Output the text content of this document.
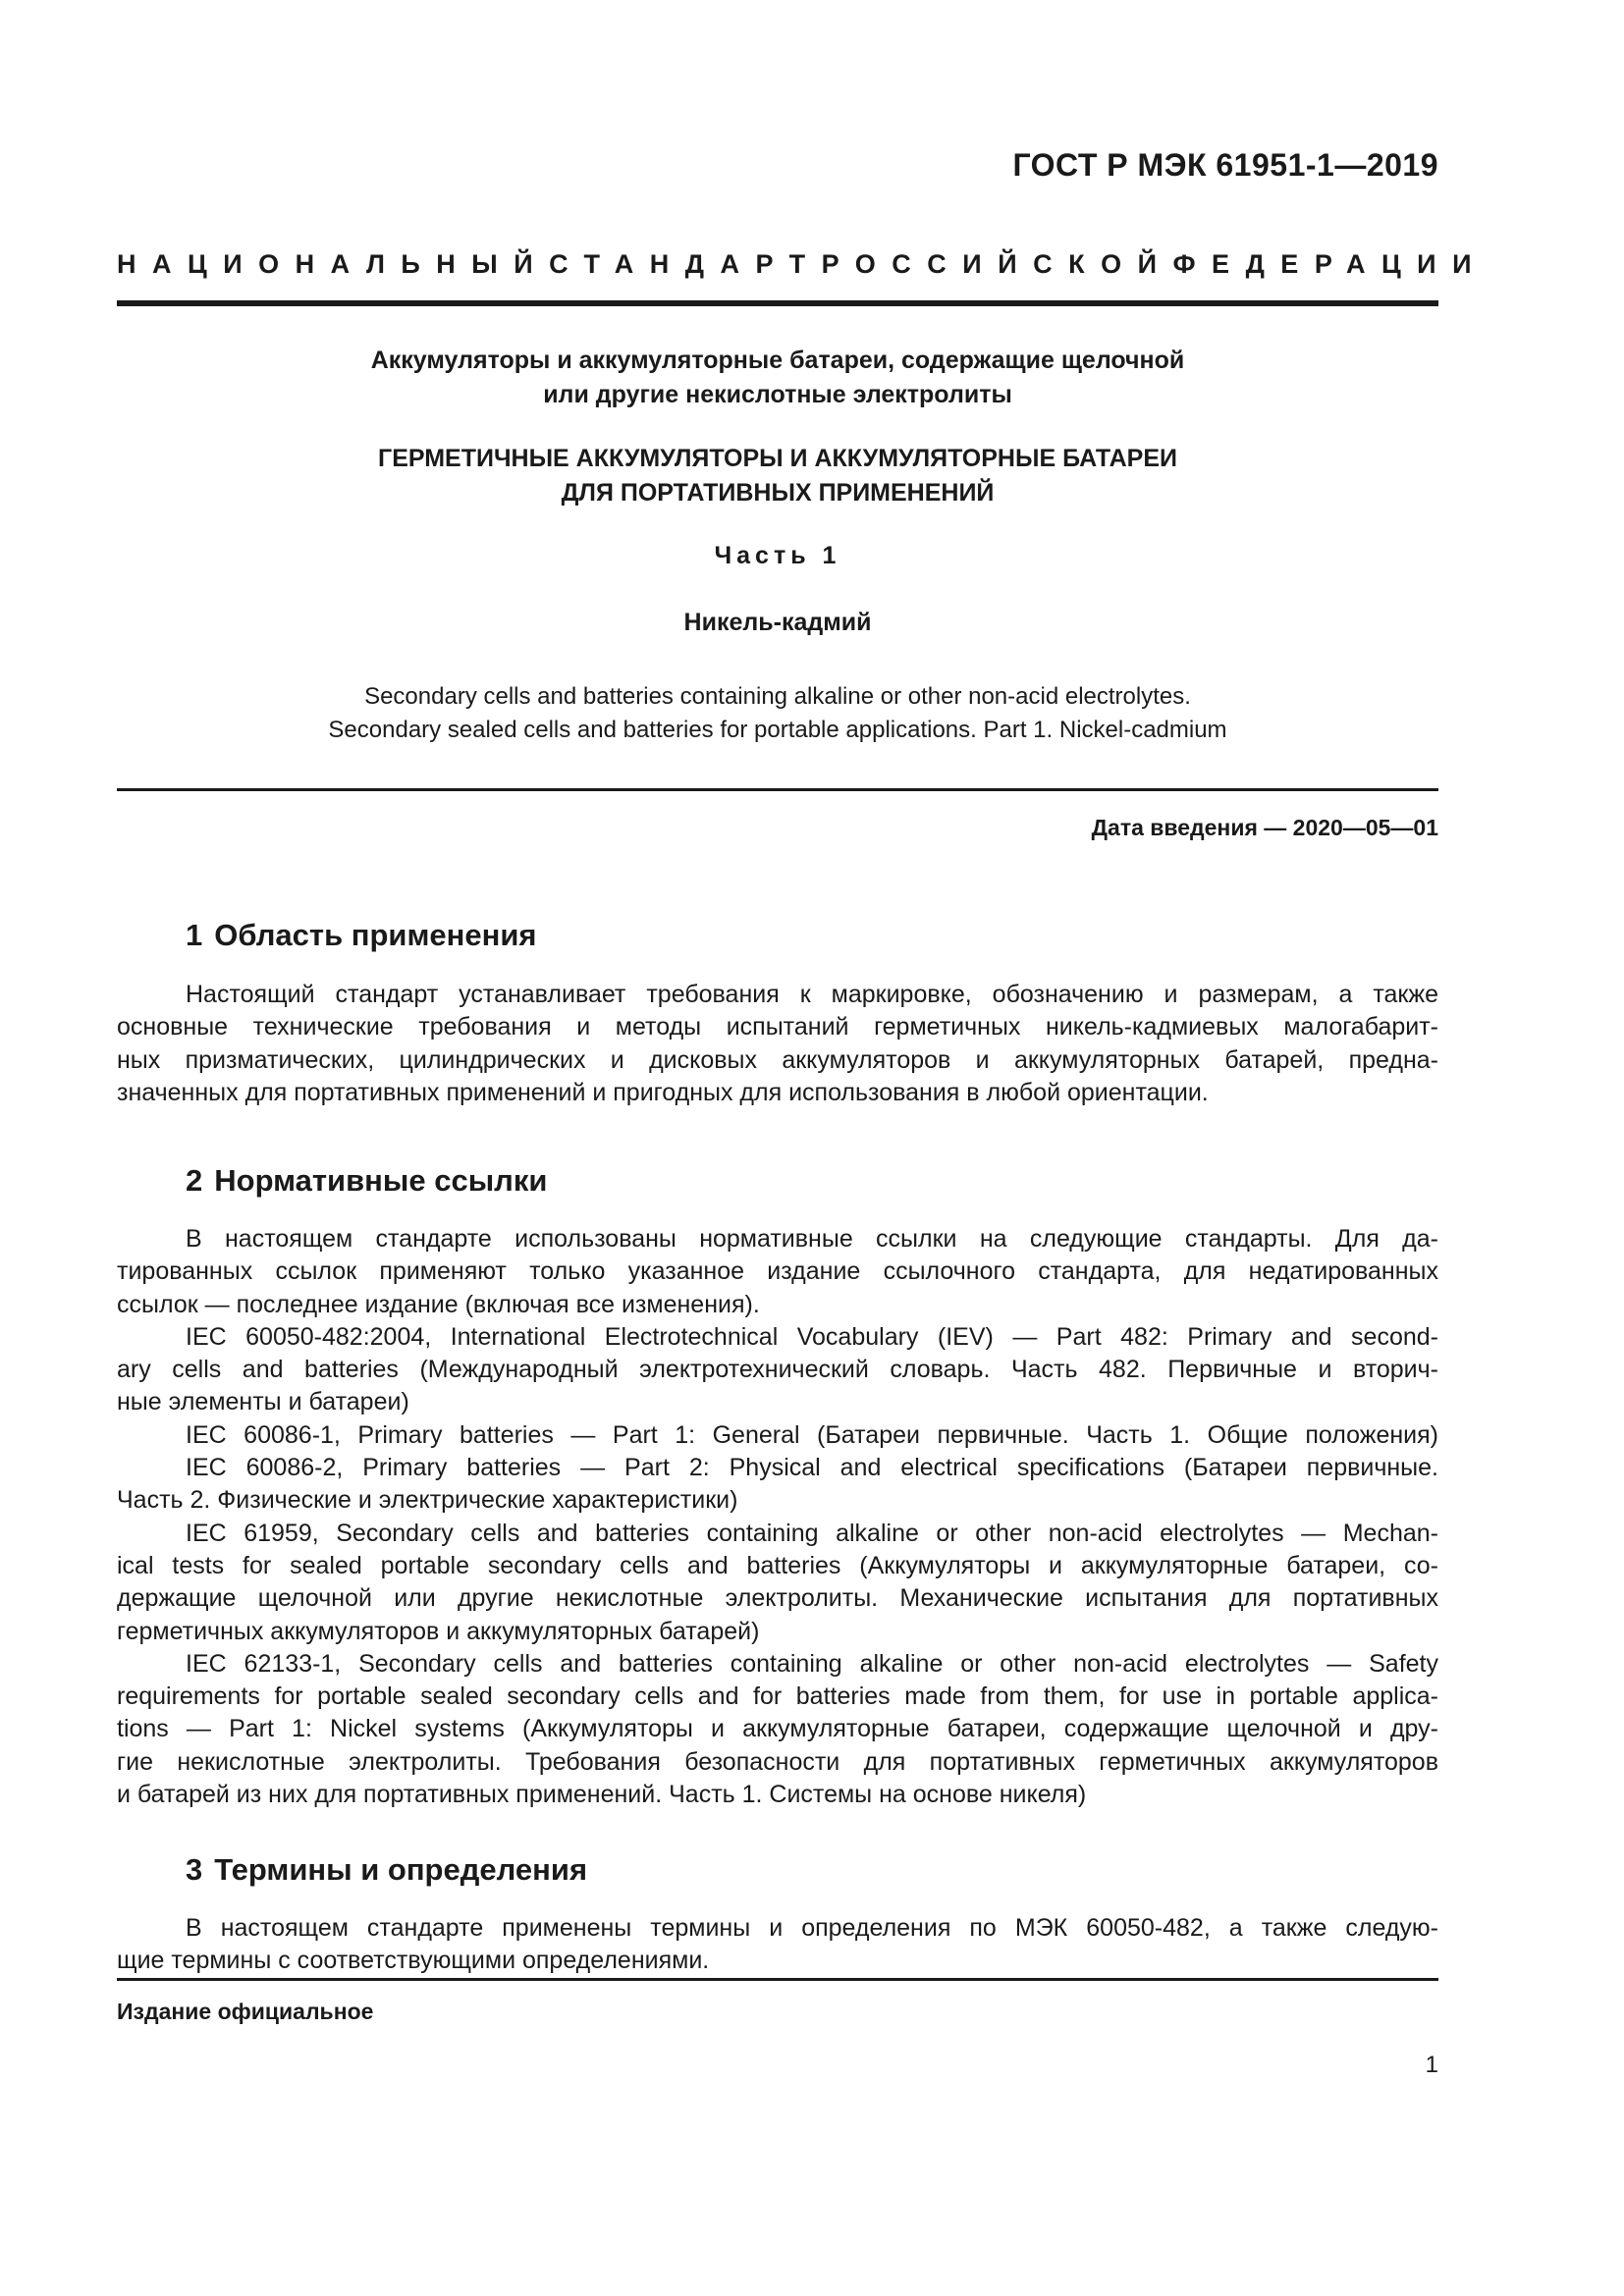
ГОСТ Р МЭК 61951-1—2019
НАЦИОНАЛЬНЫЙ СТАНДАРТ РОССИЙСКОЙ ФЕДЕРАЦИИ
Аккумуляторы и аккумуляторные батареи, содержащие щелочной
или другие некислотные электролиты
ГЕРМЕТИЧНЫЕ АККУМУЛЯТОРЫ И АККУМУЛЯТОРНЫЕ БАТАРЕИ
ДЛЯ ПОРТАТИВНЫХ ПРИМЕНЕНИЙ
Часть 1
Никель-кадмий
Secondary cells and batteries containing alkaline or other non-acid electrolytes.
Secondary sealed cells and batteries for portable applications. Part 1. Nickel-cadmium
Дата введения — 2020—05—01
1 Область применения
Настоящий стандарт устанавливает требования к маркировке, обозначению и размерам, а также
основные технические требования и методы испытаний герметичных никель-кадмиевых малогабарит-
ных призматических, цилиндрических и дисковых аккумуляторов и аккумуляторных батарей, предна-
значенных для портативных применений и пригодных для использования в любой ориентации.
2 Нормативные ссылки
В настоящем стандарте использованы нормативные ссылки на следующие стандарты. Для да-
тированных ссылок применяют только указанное издание ссылочного стандарта, для недатированных
ссылок — последнее издание (включая все изменения).
IEC 60050-482:2004, International Electrotechnical Vocabulary (IEV) — Part 482: Primary and second-
ary cells and batteries (Международный электротехнический словарь. Часть 482. Первичные и вторич-
ные элементы и батареи)
IEC 60086-1, Primary batteries — Part 1: General (Батареи первичные. Часть 1. Общие положения)
IEC 60086-2, Primary batteries — Part 2: Physical and electrical specifications (Батареи первичные.
Часть 2. Физические и электрические характеристики)
IEC 61959, Secondary cells and batteries containing alkaline or other non-acid electrolytes — Mechan-
ical tests for sealed portable secondary cells and batteries (Аккумуляторы и аккумуляторные батареи, со-
держащие щелочной или другие некислотные электролиты. Механические испытания для портативных
герметичных аккумуляторов и аккумуляторных батарей)
IEC 62133-1, Secondary cells and batteries containing alkaline or other non-acid electrolytes — Safety
requirements for portable sealed secondary cells and for batteries made from them, for use in portable applica-
tions — Part 1: Nickel systems (Аккумуляторы и аккумуляторные батареи, содержащие щелочной и дру-
гие некислотные электролиты. Требования безопасности для портативных герметичных аккумуляторов
и батарей из них для портативных применений. Часть 1. Системы на основе никеля)
3 Термины и определения
В настоящем стандарте применены термины и определения по МЭК 60050-482, а также следую-
щие термины с соответствующими определениями.
Издание официальное
1
